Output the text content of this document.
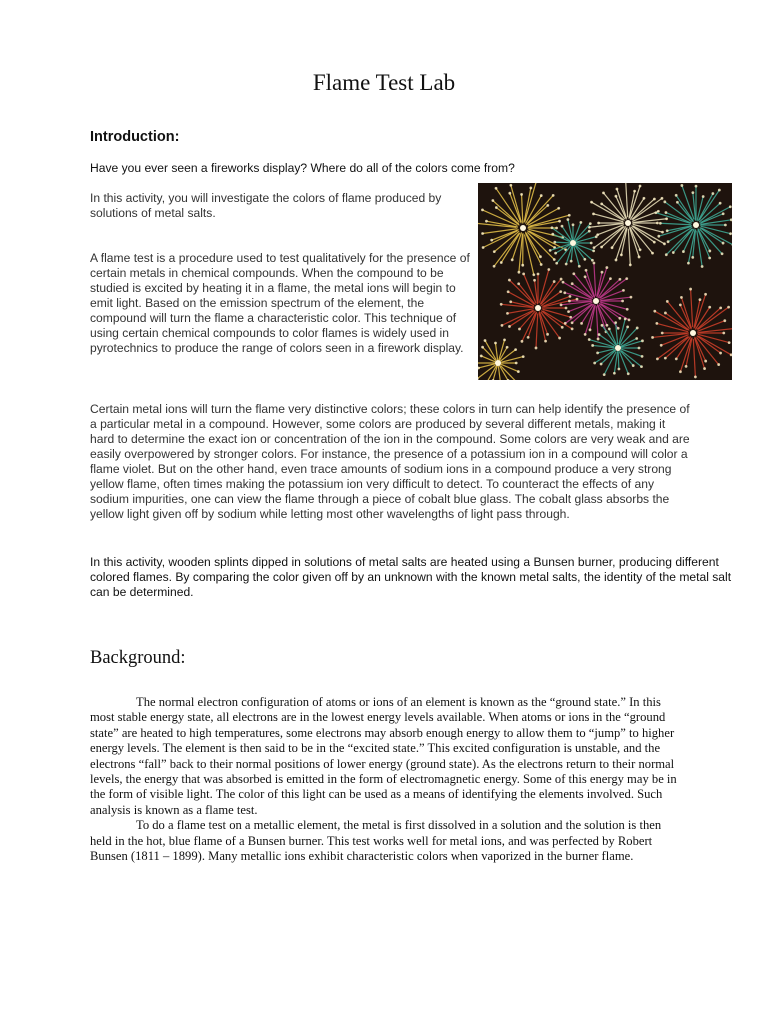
Flame Test Lab
Introduction:

Have you ever seen a fireworks display? Where do all of the colors come from?

In this activity, you will investigate the colors of flame produced by solutions of metal salts.

A flame test is a procedure used to test qualitatively for the presence of certain metals in chemical compounds. When the compound to be studied is excited by heating it in a flame, the metal ions will begin to emit light. Based on the emission spectrum of the element, the compound will turn the flame a characteristic color. This technique of using certain chemical compounds to color flames is widely used in pyrotechnics to produce the range of colors seen in a firework display.

Certain metal ions will turn the flame very distinctive colors; these colors in turn can help identify the presence of a particular metal in a compound. However, some colors are produced by several different metals, making it hard to determine the exact ion or concentration of the ion in the compound. Some colors are very weak and are easily overpowered by stronger colors. For instance, the presence of a potassium ion in a compound will color a flame violet. But on the other hand, even trace amounts of sodium ions in a compound produce a very strong yellow flame, often times making the potassium ion very difficult to detect. To counteract the effects of any sodium impurities, one can view the flame through a piece of cobalt blue glass. The cobalt glass absorbs the yellow light given off by sodium while letting most other wavelengths of light pass through.

In this activity, wooden splints dipped in solutions of metal salts are heated using a Bunsen burner, producing different colored flames. By comparing the color given off by an unknown with the known metal salts, the identity of the metal salt can be determined.

Background:

The normal electron configuration of atoms or ions of an element is known as the “ground state.” In this most stable energy state, all electrons are in the lowest energy levels available. When atoms or ions in the “ground state” are heated to high temperatures, some electrons may absorb enough energy to allow them to “jump” to higher energy levels. The element is then said to be in the “excited state.” This excited configuration is unstable, and the electrons “fall” back to their normal positions of lower energy (ground state). As the electrons return to their normal levels, the energy that was absorbed is emitted in the form of electromagnetic energy. Some of this energy may be in the form of visible light. The color of this light can be used as a means of identifying the elements involved. Such analysis is known as a flame test.

To do a flame test on a metallic element, the metal is first dissolved in a solution and the solution is then held in the hot, blue flame of a Bunsen burner. This test works well for metal ions, and was perfected by Robert Bunsen (1811 – 1899). Many metallic ions exhibit characteristic colors when vaporized in the burner flame.
